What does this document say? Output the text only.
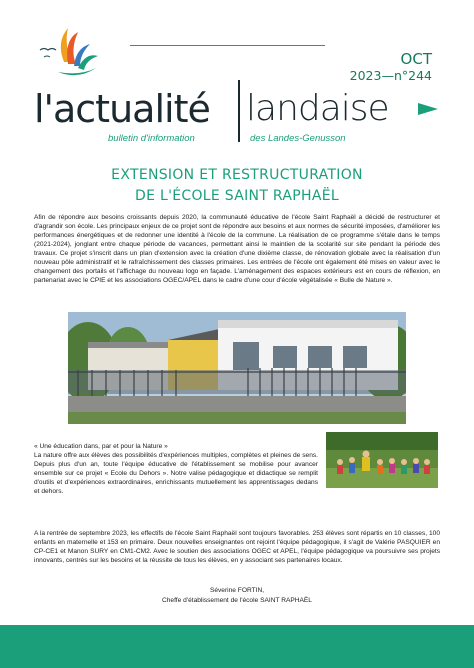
OCT
2023—n°244
l'actualité landaise
bulletin d'information	des Landes-Genusson
EXTENSION ET RESTRUCTURATION
DE L'ÉCOLE SAINT RAPHAËL

Afin de répondre aux besoins croissants depuis 2020, la communauté éducative de l'école Saint Raphaël a décidé de restructurer et d'agrandir son école. Les principaux enjeux de ce projet sont de répondre aux besoins et aux normes de sécurité imposées, d'améliorer les performances énergétiques et de redonner une identité à l'école de la commune. La réalisation de ce programme s'étale dans le temps (2021-2024), jonglant entre chaque période de vacances, permettant ainsi le maintien de la scolarité sur site pendant la période des travaux. Ce projet s'inscrit dans un plan d'extension avec la création d'une dixième classe, de rénovation globale avec la réalisation d'un nouveau pôle administratif et le rafraîchissement des classes primaires. Les entrées de l'école ont également été mises en valeur avec le changement des portails et l'affichage du nouveau logo en façade. L'aménagement des espaces extérieurs est en cours de réflexion, en partenariat avec le CPIE et les associations OGEC/APEL dans le cadre d'une cour d'école végétalisée « Bulle de Nature ».

« Une éducation dans, par et pour la Nature »
La nature offre aux élèves des possibilités d'expériences multiples, complètes et pleines de sens. Depuis plus d'un an, toute l'équipe éducative de l'établissement se mobilise pour avancer ensemble sur ce projet « Ecole du Dehors ». Notre valise pédagogique et didactique se remplit d'outils et d'expériences extraordinaires, enrichissants mutuellement les apprentissages dedans et dehors.

A la rentrée de septembre 2023, les effectifs de l'école Saint Raphaël sont toujours favorables. 253 élèves sont répartis en 10 classes, 100 enfants en maternelle et 153 en primaire. Deux nouvelles enseignantes ont rejoint l'équipe pédagogique, il s'agit de Valérie PASQUIER en CP-CE1 et Manon SURY en CM1-CM2. Avec le soutien des associations OGEC et APEL, l'équipe pédagogique va poursuivre ses projets innovants, centrés sur les besoins et la réussite de tous les élèves, en y associant ses partenaires locaux.

Séverine FORTIN,
Cheffe d'établissement de l'école SAINT RAPHAËL
